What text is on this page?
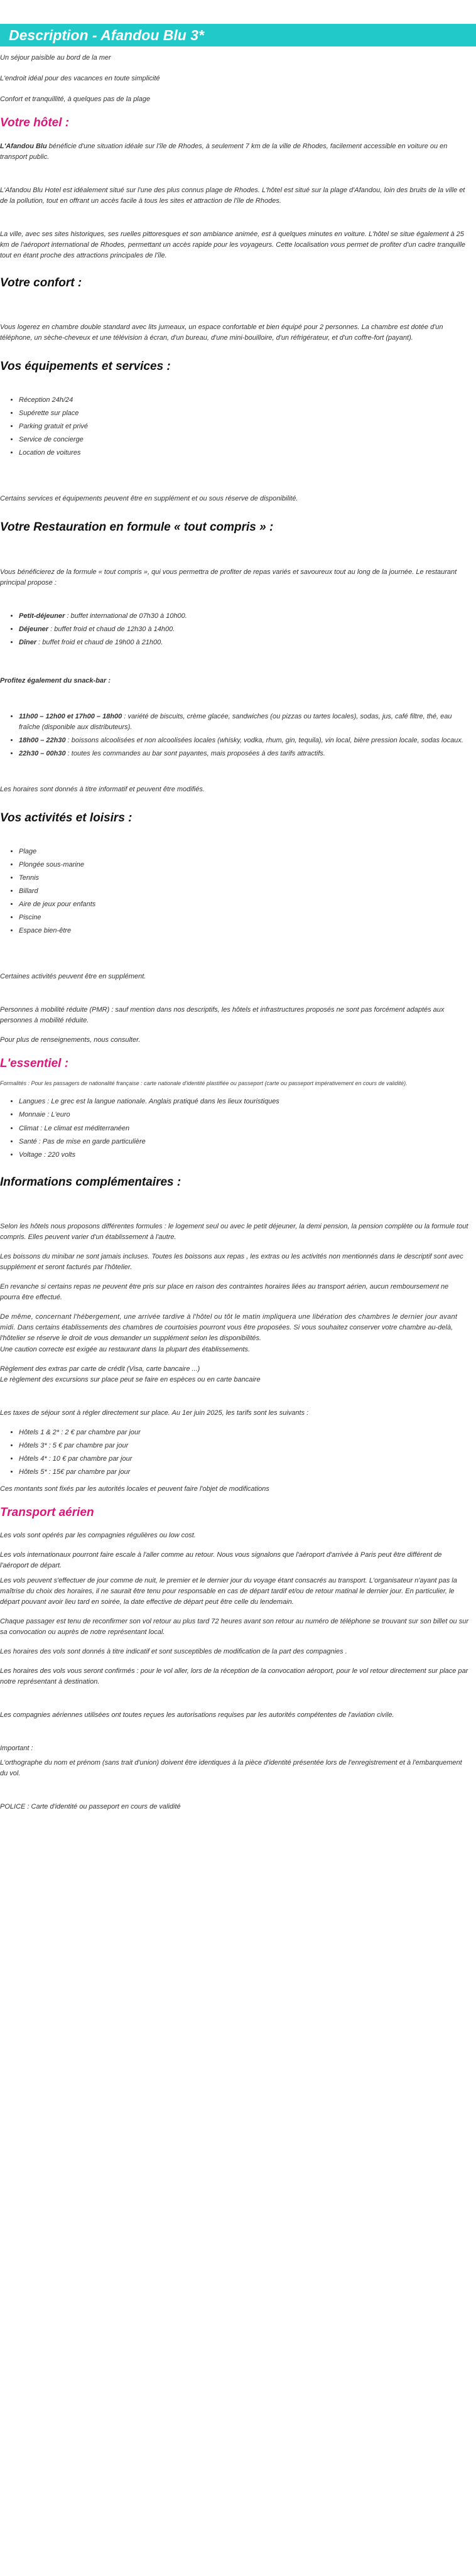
Description - Afandou Blu 3*

Un séjour paisible au bord de la mer

L'endroit idéal pour des vacances en toute simplicité

Confort et tranquillité, à quelques pas de la plage

Votre hôtel :

L'Afandou Blu bénéficie d'une situation idéale sur l'île de Rhodes, à seulement 7 km de la ville de Rhodes, facilement accessible en voiture ou en transport public.

L'Afandou Blu Hotel est idéalement situé sur l'une des plus connus plage de Rhodes. L'hôtel est situé sur la plage d'Afandou, loin des bruits de la ville et de la pollution, tout en offrant un accès facile à tous les sites et attraction de l'île de Rhodes.

La ville, avec ses sites historiques, ses ruelles pittoresques et son ambiance animée, est à quelques minutes en voiture. L'hôtel se situe également à 25 km de l'aéroport international de Rhodes, permettant un accès rapide pour les voyageurs. Cette localisation vous permet de profiter d'un cadre tranquille tout en étant proche des attractions principales de l'île.

Votre confort :

Vous logerez en chambre double standard avec lits jumeaux, un espace confortable et bien équipé pour 2 personnes. La chambre est dotée d'un téléphone, un sèche-cheveux et une télévision à écran, d'un bureau, d'une mini-bouilloire, d'un réfrigérateur, et d'un coffre-fort (payant).

Vos équipements et services :
• Réception 24h/24
• Supérette sur place
• Parking gratuit et privé
• Service de concierge
• Location de voitures

Certains services et équipements peuvent être en supplément et ou sous réserve de disponibilité.

Votre Restauration en formule « tout compris » :

Vous bénéficierez de la formule « tout compris », qui vous permettra de profiter de repas variés et savoureux tout au long de la journée. Le restaurant principal propose :

• Petit-déjeuner : buffet international de 07h30 à 10h00.
• Déjeuner : buffet froid et chaud de 12h30 à 14h00.
• Dîner : buffet froid et chaud de 19h00 à 21h00.
Profitez également du snack-bar :
• 11h00 – 12h00 et 17h00 – 18h00 : variété de biscuits, crème glacée, sandwiches (ou pizzas ou tartes locales), sodas, jus, café filtre, thé, eau fraîche (disponible aux distributeurs).
• 18h00 – 22h30 : boissons alcoolisées et non alcoolisées locales (whisky, vodka, rhum, gin, tequila), vin local, bière pression locale, sodas locaux.
• 22h30 – 00h30 : toutes les commandes au bar sont payantes, mais proposées à des tarifs attractifs.

Les horaires sont donnés à titre informatif et peuvent être modifiés.

Vos activités et loisirs :
• Plage
• Plongée sous-marine
• Tennis
• Billard
• Aire de jeux pour enfants
• Piscine
• Espace bien-être

Certaines activités peuvent être en supplément.

Personnes à mobilité réduite (PMR) : sauf mention dans nos descriptifs, les hôtels et infrastructures proposés ne sont pas forcément adaptés aux personnes à mobilité réduite.

Pour plus de renseignements, nous consulter.

L'essentiel :
Formalités : Pour les passagers de nationalité française : carte nationale d'identité plastifiée ou passeport (carte ou passeport impérativement en cours de validité).
• Langues : Le grec est la langue nationale. Anglais pratiqué dans les lieux touristiques
• Monnaie : L'euro
• Climat : Le climat est méditerranéen
• Santé : Pas de mise en garde particulière
• Voltage : 220 volts
Informations complémentaires :

Selon les hôtels nous proposons différentes formules : le logement seul ou avec le petit déjeuner, la demi pension, la pension complète ou la formule tout compris. Elles peuvent varier d'un établissement à l'autre.

Les boissons du minibar ne sont jamais incluses. Toutes les boissons aux repas , les extras ou les activités non mentionnés dans le descriptif sont avec supplément et seront facturés par l'hôtelier.

En revanche si certains repas ne peuvent être pris sur place en raison des contraintes horaires liées au transport aérien, aucun remboursement ne pourra être effectué.

De même, concernant l'hébergement, une arrivée tardive à l'hôtel ou tôt le matin impliquera une libération des chambres le dernier jour avant midi. Dans certains établissements des chambres de courtoisies pourront vous être proposées. Si vous souhaitez conserver votre chambre au-delà, l'hôtelier se réserve le droit de vous demander un supplément selon les disponibilités.
Une caution correcte est exigée au restaurant dans la plupart des établissements.

Règlement des extras par carte de crédit (Visa, carte bancaire ...)
Le règlement des excursions sur place peut se faire en espèces ou en carte bancaire

Les taxes de séjour sont à régler directement sur place. Au 1er juin 2025, les tarifs sont les suivants :

• Hôtels 1 & 2* : 2 € par chambre par jour
• Hôtels 3* : 5 € par chambre par jour
• Hôtels 4* : 10 € par chambre par jour
• Hôtels 5* : 15€ par chambre par jour

Ces montants sont fixés par les autorités locales et peuvent faire l'objet de modifications

Transport aérien

Les vols sont opérés par les compagnies régulières ou low cost.

Les vols internationaux pourront faire escale à l'aller comme au retour. Nous vous signalons que l'aéroport d'arrivée à Paris peut être différent de l'aéroport de départ.

Les vols peuvent s'effectuer de jour comme de nuit, le premier et le dernier jour du voyage étant consacrés au transport. L'organisateur n'ayant pas la maîtrise du choix des horaires, il ne saurait être tenu pour responsable en cas de départ tardif et/ou de retour matinal le dernier jour. En particulier, le départ pouvant avoir lieu tard en soirée, la date effective de départ peut être celle du lendemain.

Chaque passager est tenu de reconfirmer son vol retour au plus tard 72 heures avant son retour au numéro de téléphone se trouvant sur son billet ou sur sa convocation ou auprès de notre représentant local.

Les horaires des vols sont donnés à titre indicatif et sont susceptibles de modification de la part des compagnies .

Les horaires des vols vous seront confirmés : pour le vol aller, lors de la réception de la convocation aéroport, pour le vol retour directement sur place par notre représentant à destination.

Les compagnies aériennes utilisées ont toutes reçues les autorisations requises par les autorités compétentes de l'aviation civile.

Important :

L'orthographe du nom et prénom (sans trait d'union) doivent être identiques à la pièce d'identité présentée lors de l'enregistrement et à l'embarquement du vol.

POLICE : Carte d'identité ou passeport en cours de validité
